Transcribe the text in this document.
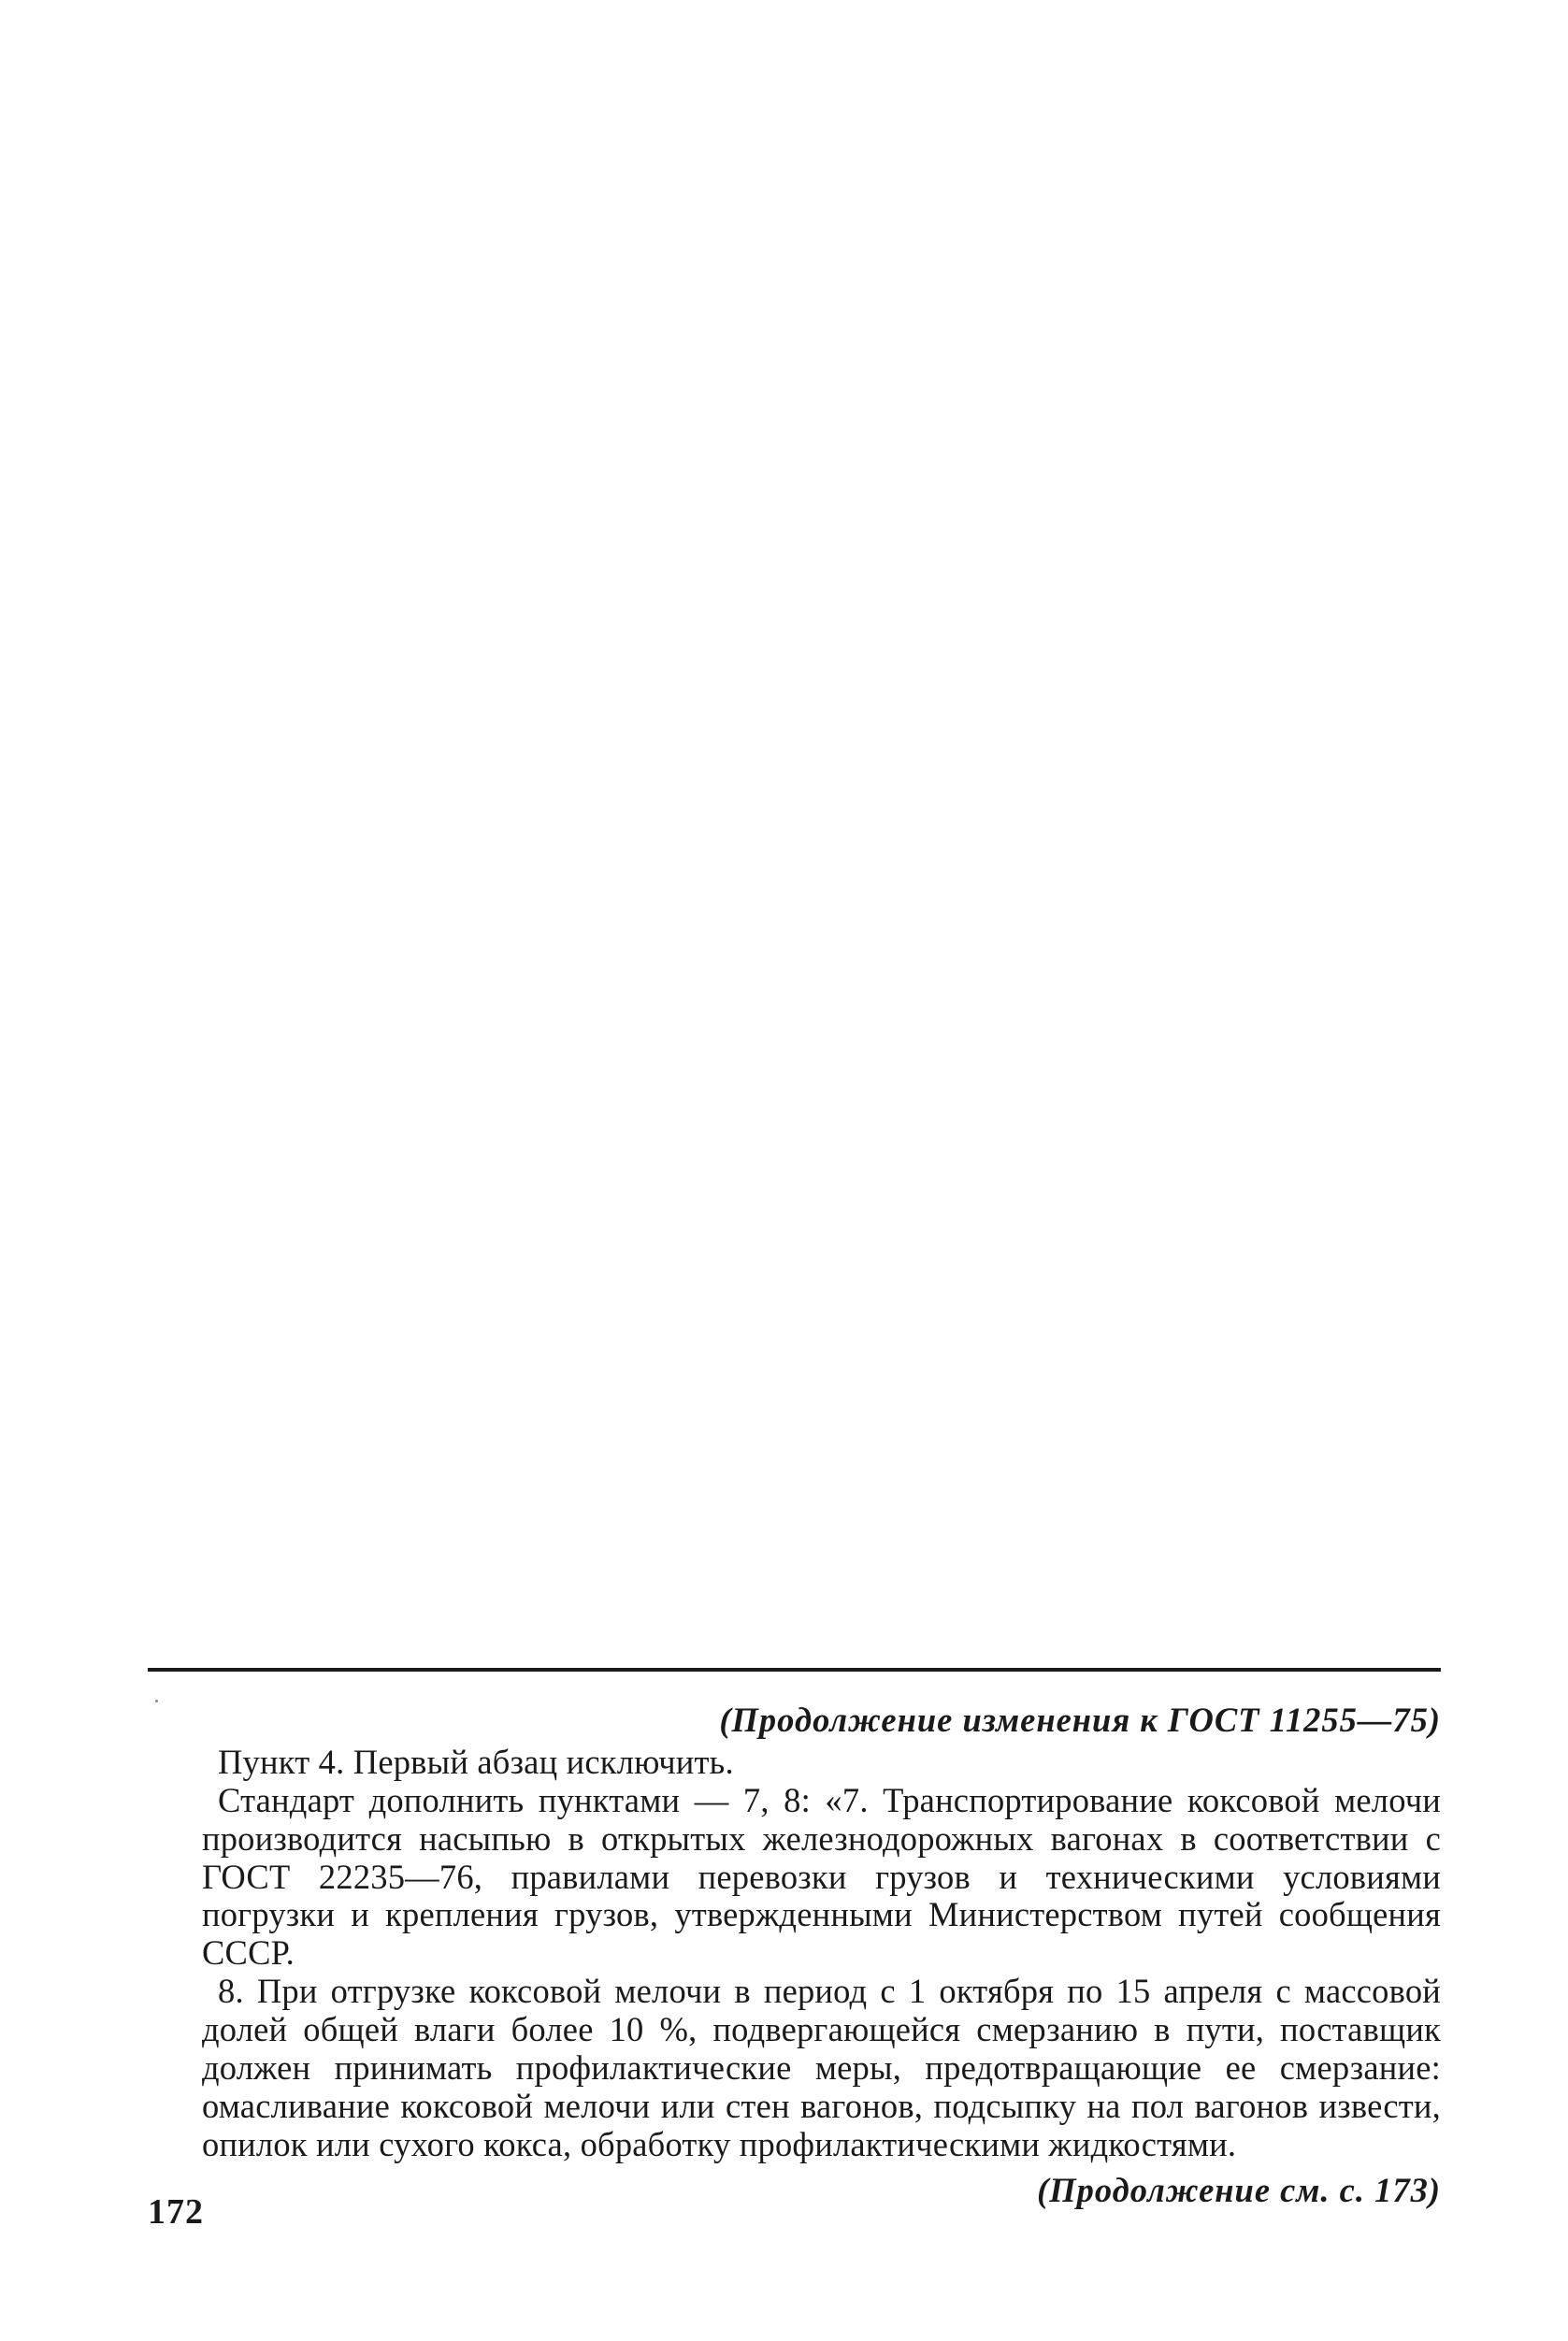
(Продолжение изменения к ГОСТ 11255—75)

Пункт 4. Первый абзац исключить.

Стандарт дополнить пунктами — 7, 8: «7. Транспортирование коксовой мелочи производится насыпью в открытых железнодорожных вагонах в соответствии с ГОСТ 22235—76, правилами перевозки грузов и техническими условиями погрузки и крепления грузов, утвержденными Министерством путей сообщения СССР.

8. При отгрузке коксовой мелочи в период с 1 октября по 15 апреля с массовой долей общей влаги более 10 %, подвергающейся смерзанию в пути, поставщик должен принимать профилактические меры, предотвращающие ее смерзание: омасливание коксовой мелочи или стен вагонов, подсыпку на пол вагонов извести, опилок или сухого кокса, обработку профилактическими жидкостями.

(Продолжение см. с. 173)

172
